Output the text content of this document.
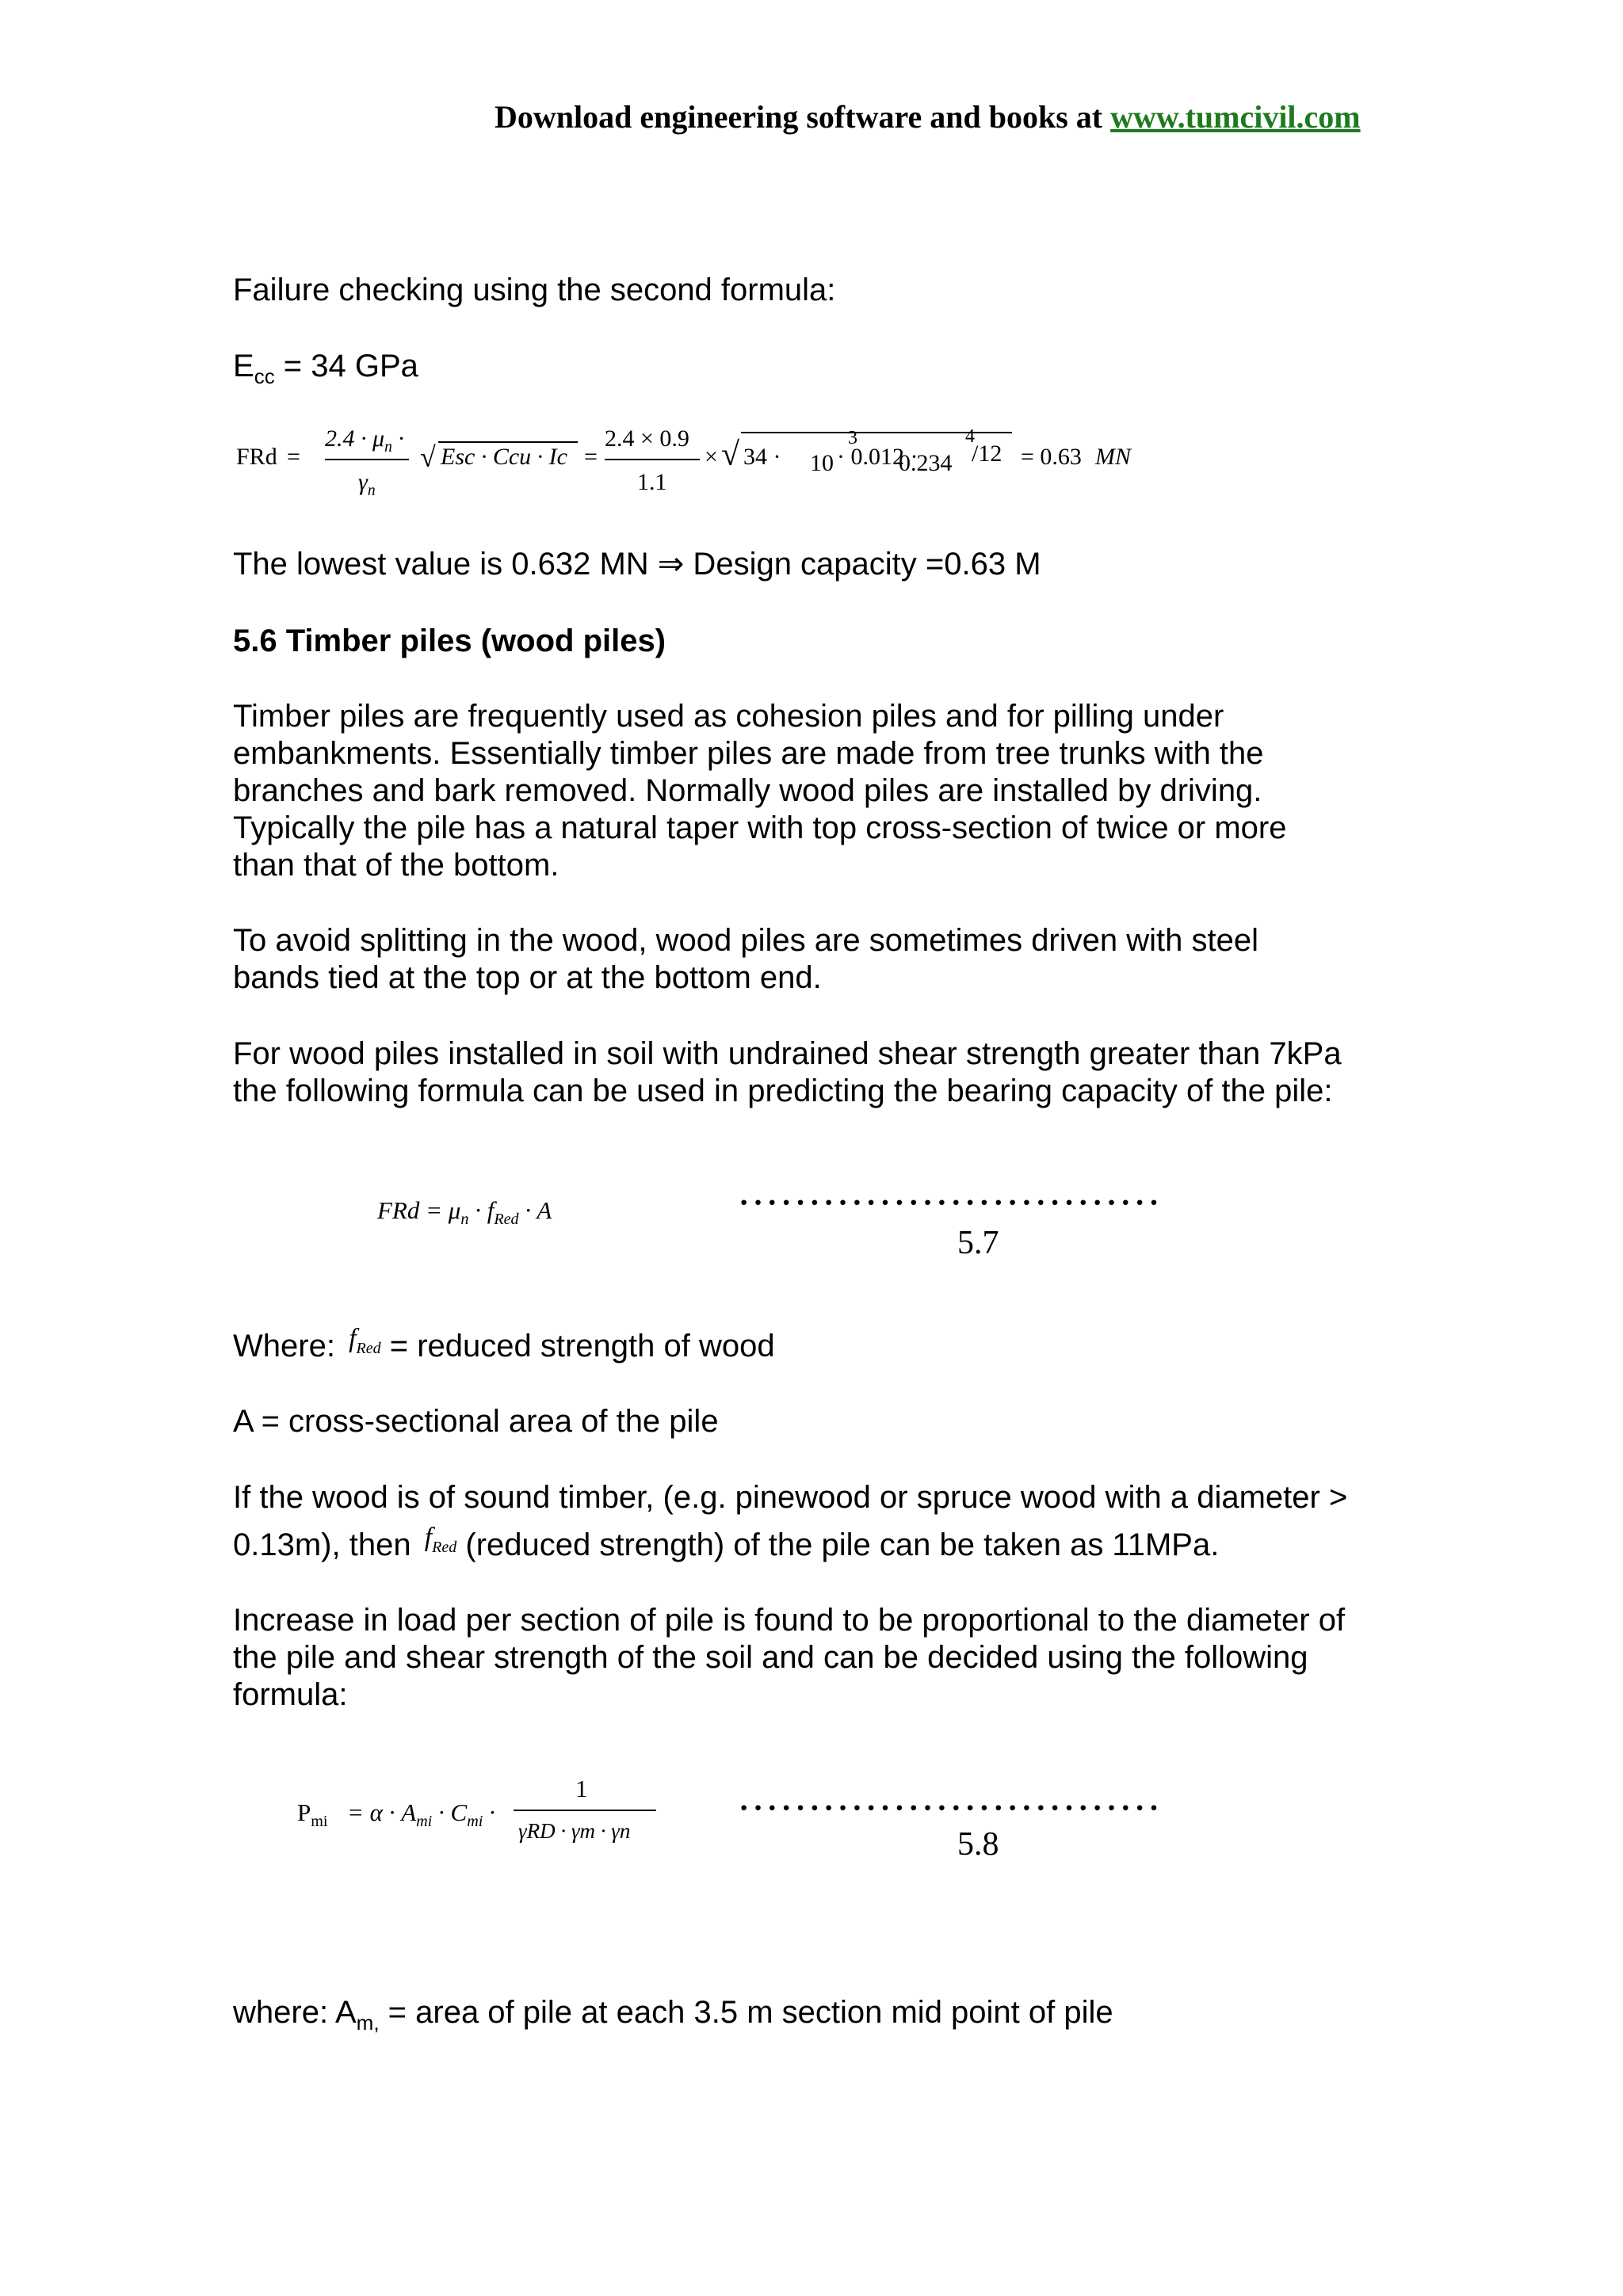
Download engineering software and books at www.tumcivil.com
Failure checking using the second formula:
$E_{cc} = 34$ GPa
FRd =
$2.4 \cdot \mu_n$ ·
$\gamma_n$
√ Esc · Ccu · Ic =
2.4 × 0.9
1.1
× √ 34 · 10
3
· 0.012 ·
0.234
4
/12 = 0.63 MN
The lowest value is 0.632 MN ⇒ Design capacity =0.63 M
5.6 Timber piles (wood piles)
Timber piles are frequently used as cohesion piles and for pilling under
embankments. Essentially timber piles are made from tree trunks with the
branches and bark removed. Normally wood piles are installed by driving.
Typically the pile has a natural taper with top cross-section of twice or more
than that of the bottom.
To avoid splitting in the wood, wood piles are sometimes driven with steel
bands tied at the top or at the bottom end.
For wood piles installed in soil with undrained shear strength greater than 7kPa
the following formula can be used in predicting the bearing capacity of the pile:
FRd = $\mu_n \cdot f_{Red} \cdot A$	······························
5.7
Where: $^{f_{Red}}$ = reduced strength of wood
A = cross-sectional area of the pile
If the wood is of sound timber, (e.g. pinewood or spruce wood with a diameter >
0.13m), then $^{f_{Red}}$ (reduced strength) of the pile can be taken as 11MPa.
Increase in load per section of pile is found to be proportional to the diameter of
the pile and shear strength of the soil and can be decided using the following
formula:
$P_{mi} = \alpha \cdot A_{mi} \cdot C_{mi}$ ·
1
γRD · γm · γn
······························
5.8
where: $A_{m,}$ = area of pile at each 3.5 m section mid point of pile
